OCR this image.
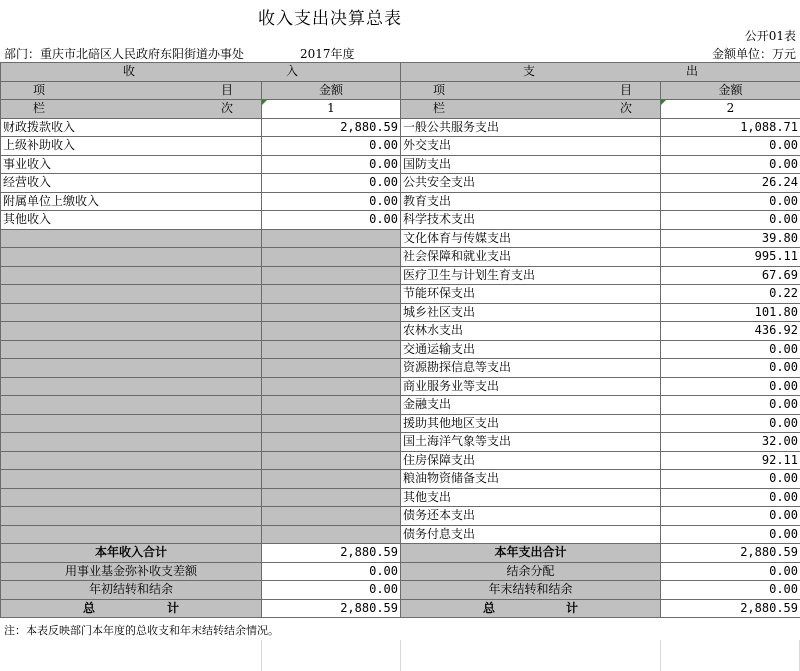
收入支出决算总表
公开01表
部门：重庆市北碚区人民政府东阳街道办事处	2017年度	金额单位：万元
收 入		支 出	

项 目	金额	项 目	金额

栏 次	1	栏 次	2
财政拨款收入	2,880.59	一般公共服务支出	1,088.71
上级补助收入	0.00	外交支出	0.00
事业收入	0.00	国防支出	0.00
经营收入	0.00	公共安全支出	26.24
附属单位上缴收入	0.00	教育支出	0.00
其他收入	0.00	科学技术支出	0.00
		文化体育与传媒支出	39.80
		社会保障和就业支出	995.11
		医疗卫生与计划生育支出	67.69
		节能环保支出	0.22
		城乡社区支出	101.80
		农林水支出	436.92
		交通运输支出	0.00
		资源勘探信息等支出	0.00
		商业服务业等支出	0.00
		金融支出	0.00
		援助其他地区支出	0.00
		国土海洋气象等支出	32.00
		住房保障支出	92.11
		粮油物资储备支出	0.00
		其他支出	0.00
		债务还本支出	0.00
		债务付息支出	0.00
本年收入合计	2,880.59	本年支出合计	2,880.59
用事业基金弥补收支差额	0.00	结余分配	0.00
年初结转和结余	0.00	年末结转和结余	0.00

总 计	2,880.59	总 计	2,880.59
注：本表反映部门本年度的总收支和年末结转结余情况。
